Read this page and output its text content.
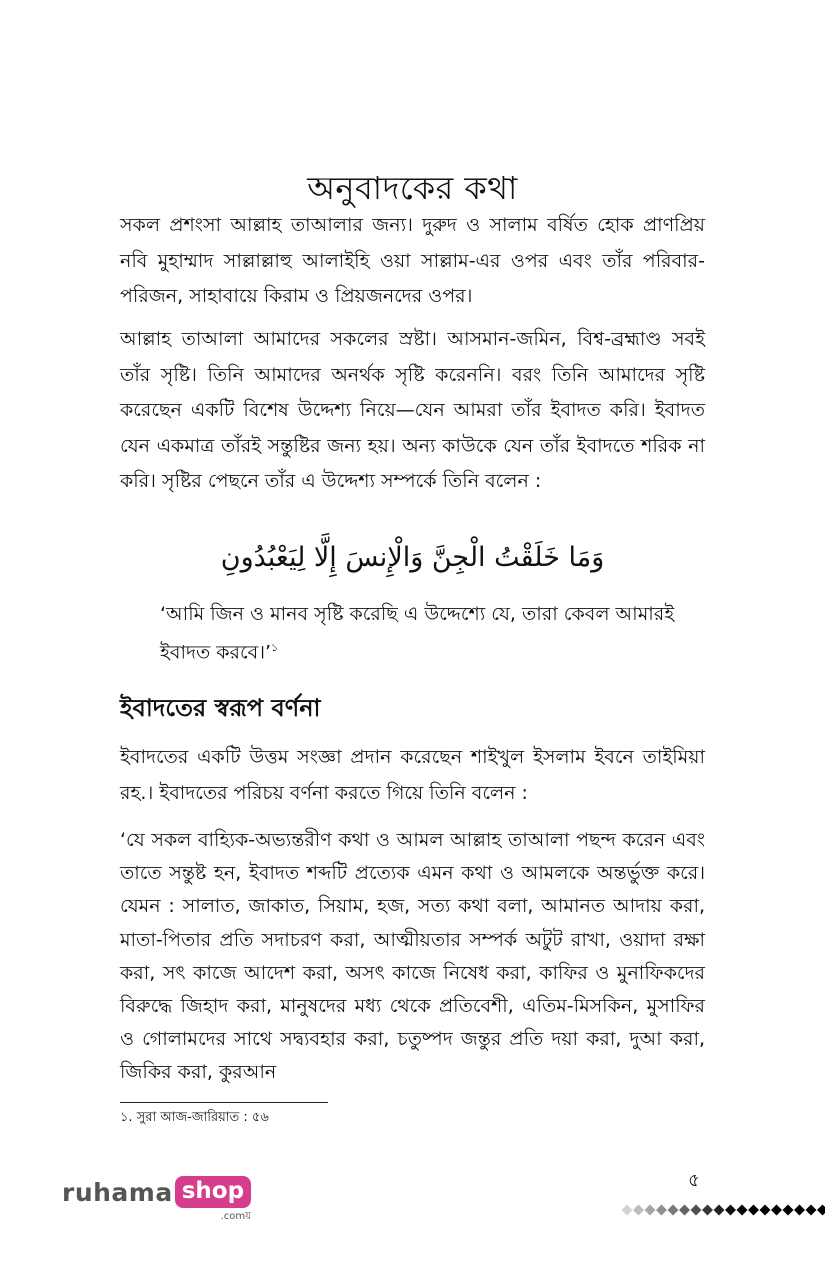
অনুবাদকের কথা

সকল প্রশংসা আল্লাহ তাআলার জন্য। দুরুদ ও সালাম বর্ষিত হোক প্রাণপ্রিয় নবি মুহাম্মাদ সাল্লাল্লাহু আলাইহি ওয়া সাল্লাম-এর ওপর এবং তাঁর পরিবার-পরিজন, সাহাবায়ে কিরাম ও প্রিয়জনদের ওপর।

আল্লাহ তাআলা আমাদের সকলের স্রষ্টা। আসমান-জমিন, বিশ্ব-ব্রহ্মাণ্ড সবই তাঁর সৃষ্টি। তিনি আমাদের অনর্থক সৃষ্টি করেননি। বরং তিনি আমাদের সৃষ্টি করেছেন একটি বিশেষ উদ্দেশ্য নিয়ে—যেন আমরা তাঁর ইবাদত করি। ইবাদত যেন একমাত্র তাঁরই সন্তুষ্টির জন্য হয়। অন্য কাউকে যেন তাঁর ইবাদতে শরিক না করি। সৃষ্টির পেছনে তাঁর এ উদ্দেশ্য সম্পর্কে তিনি বলেন :

وَمَا خَلَقْتُ الْجِنَّ وَالْإِنسَ إِلَّا لِيَعْبُدُونِ

‘আমি জিন ও মানব সৃষ্টি করেছি এ উদ্দেশ্যে যে, তারা কেবল আমারই ইবাদত করবে।’$^১$

ইবাদতের স্বরূপ বর্ণনা

ইবাদতের একটি উত্তম সংজ্ঞা প্রদান করেছেন শাইখুল ইসলাম ইবনে তাইমিয়া রহ.। ইবাদতের পরিচয় বর্ণনা করতে গিয়ে তিনি বলেন :

‘যে সকল বাহ্যিক-অভ্যন্তরীণ কথা ও আমল আল্লাহ তাআলা পছন্দ করেন এবং তাতে সন্তুষ্ট হন, ইবাদত শব্দটি প্রত্যেক এমন কথা ও আমলকে অন্তর্ভুক্ত করে। যেমন : সালাত, জাকাত, সিয়াম, হজ, সত্য কথা বলা, আমানত আদায় করা, মাতা-পিতার প্রতি সদাচরণ করা, আত্মীয়তার সম্পর্ক অটুট রাখা, ওয়াদা রক্ষা করা, সৎ কাজে আদেশ করা, অসৎ কাজে নিষেধ করা, কাফির ও মুনাফিকদের বিরুদ্ধে জিহাদ করা, মানুষদের মধ্য থেকে প্রতিবেশী, এতিম-মিসকিন, মুসাফির ও গোলামদের সাথে সদ্ব্যবহার করা, চতুষ্পদ জন্তুর প্রতি দয়া করা, দুআ করা, জিকির করা, কুরআন

১. সুরা আজ-জারিয়াত : ৫৬

ruhama shop
.comয়

৫
